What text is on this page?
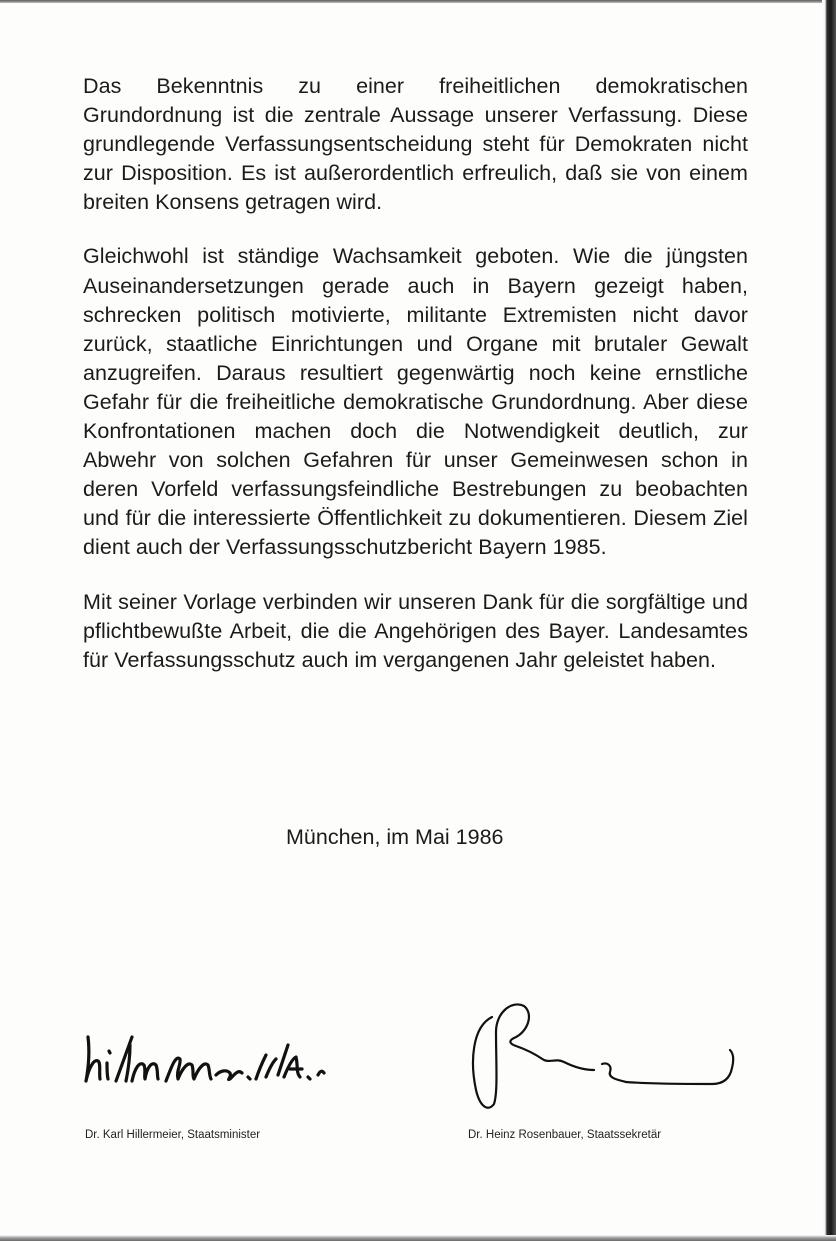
Das Bekenntnis zu einer freiheitlichen demokratischen Grundordnung ist die zentrale Aussage unserer Verfassung. Diese grundlegende Verfassungsentscheidung steht für Demokraten nicht zur Disposition. Es ist außerordentlich erfreulich, daß sie von einem breiten Konsens getragen wird.

Gleichwohl ist ständige Wachsamkeit geboten. Wie die jüngsten Auseinandersetzungen gerade auch in Bayern gezeigt haben, schrecken politisch motivierte, militante Extremisten nicht davor zurück, staatliche Einrichtungen und Organe mit brutaler Gewalt anzugreifen. Daraus resultiert gegenwärtig noch keine ernstliche Gefahr für die freiheitliche demokratische Grundordnung. Aber diese Konfrontationen machen doch die Notwendigkeit deutlich, zur Abwehr von solchen Gefahren für unser Gemeinwesen schon in deren Vorfeld verfassungsfeindliche Bestrebungen zu beobachten und für die interessierte Öffentlichkeit zu dokumentieren. Diesem Ziel dient auch der Verfassungsschutzbericht Bayern 1985.

Mit seiner Vorlage verbinden wir unseren Dank für die sorgfältige und pflichtbewußte Arbeit, die die Angehörigen des Bayer. Landesamtes für Verfassungsschutz auch im vergangenen Jahr geleistet haben.

München, im Mai 1986
Dr. Karl Hillermeier, Staatsminister	Dr. Heinz Rosenbauer, Staatssekretär
